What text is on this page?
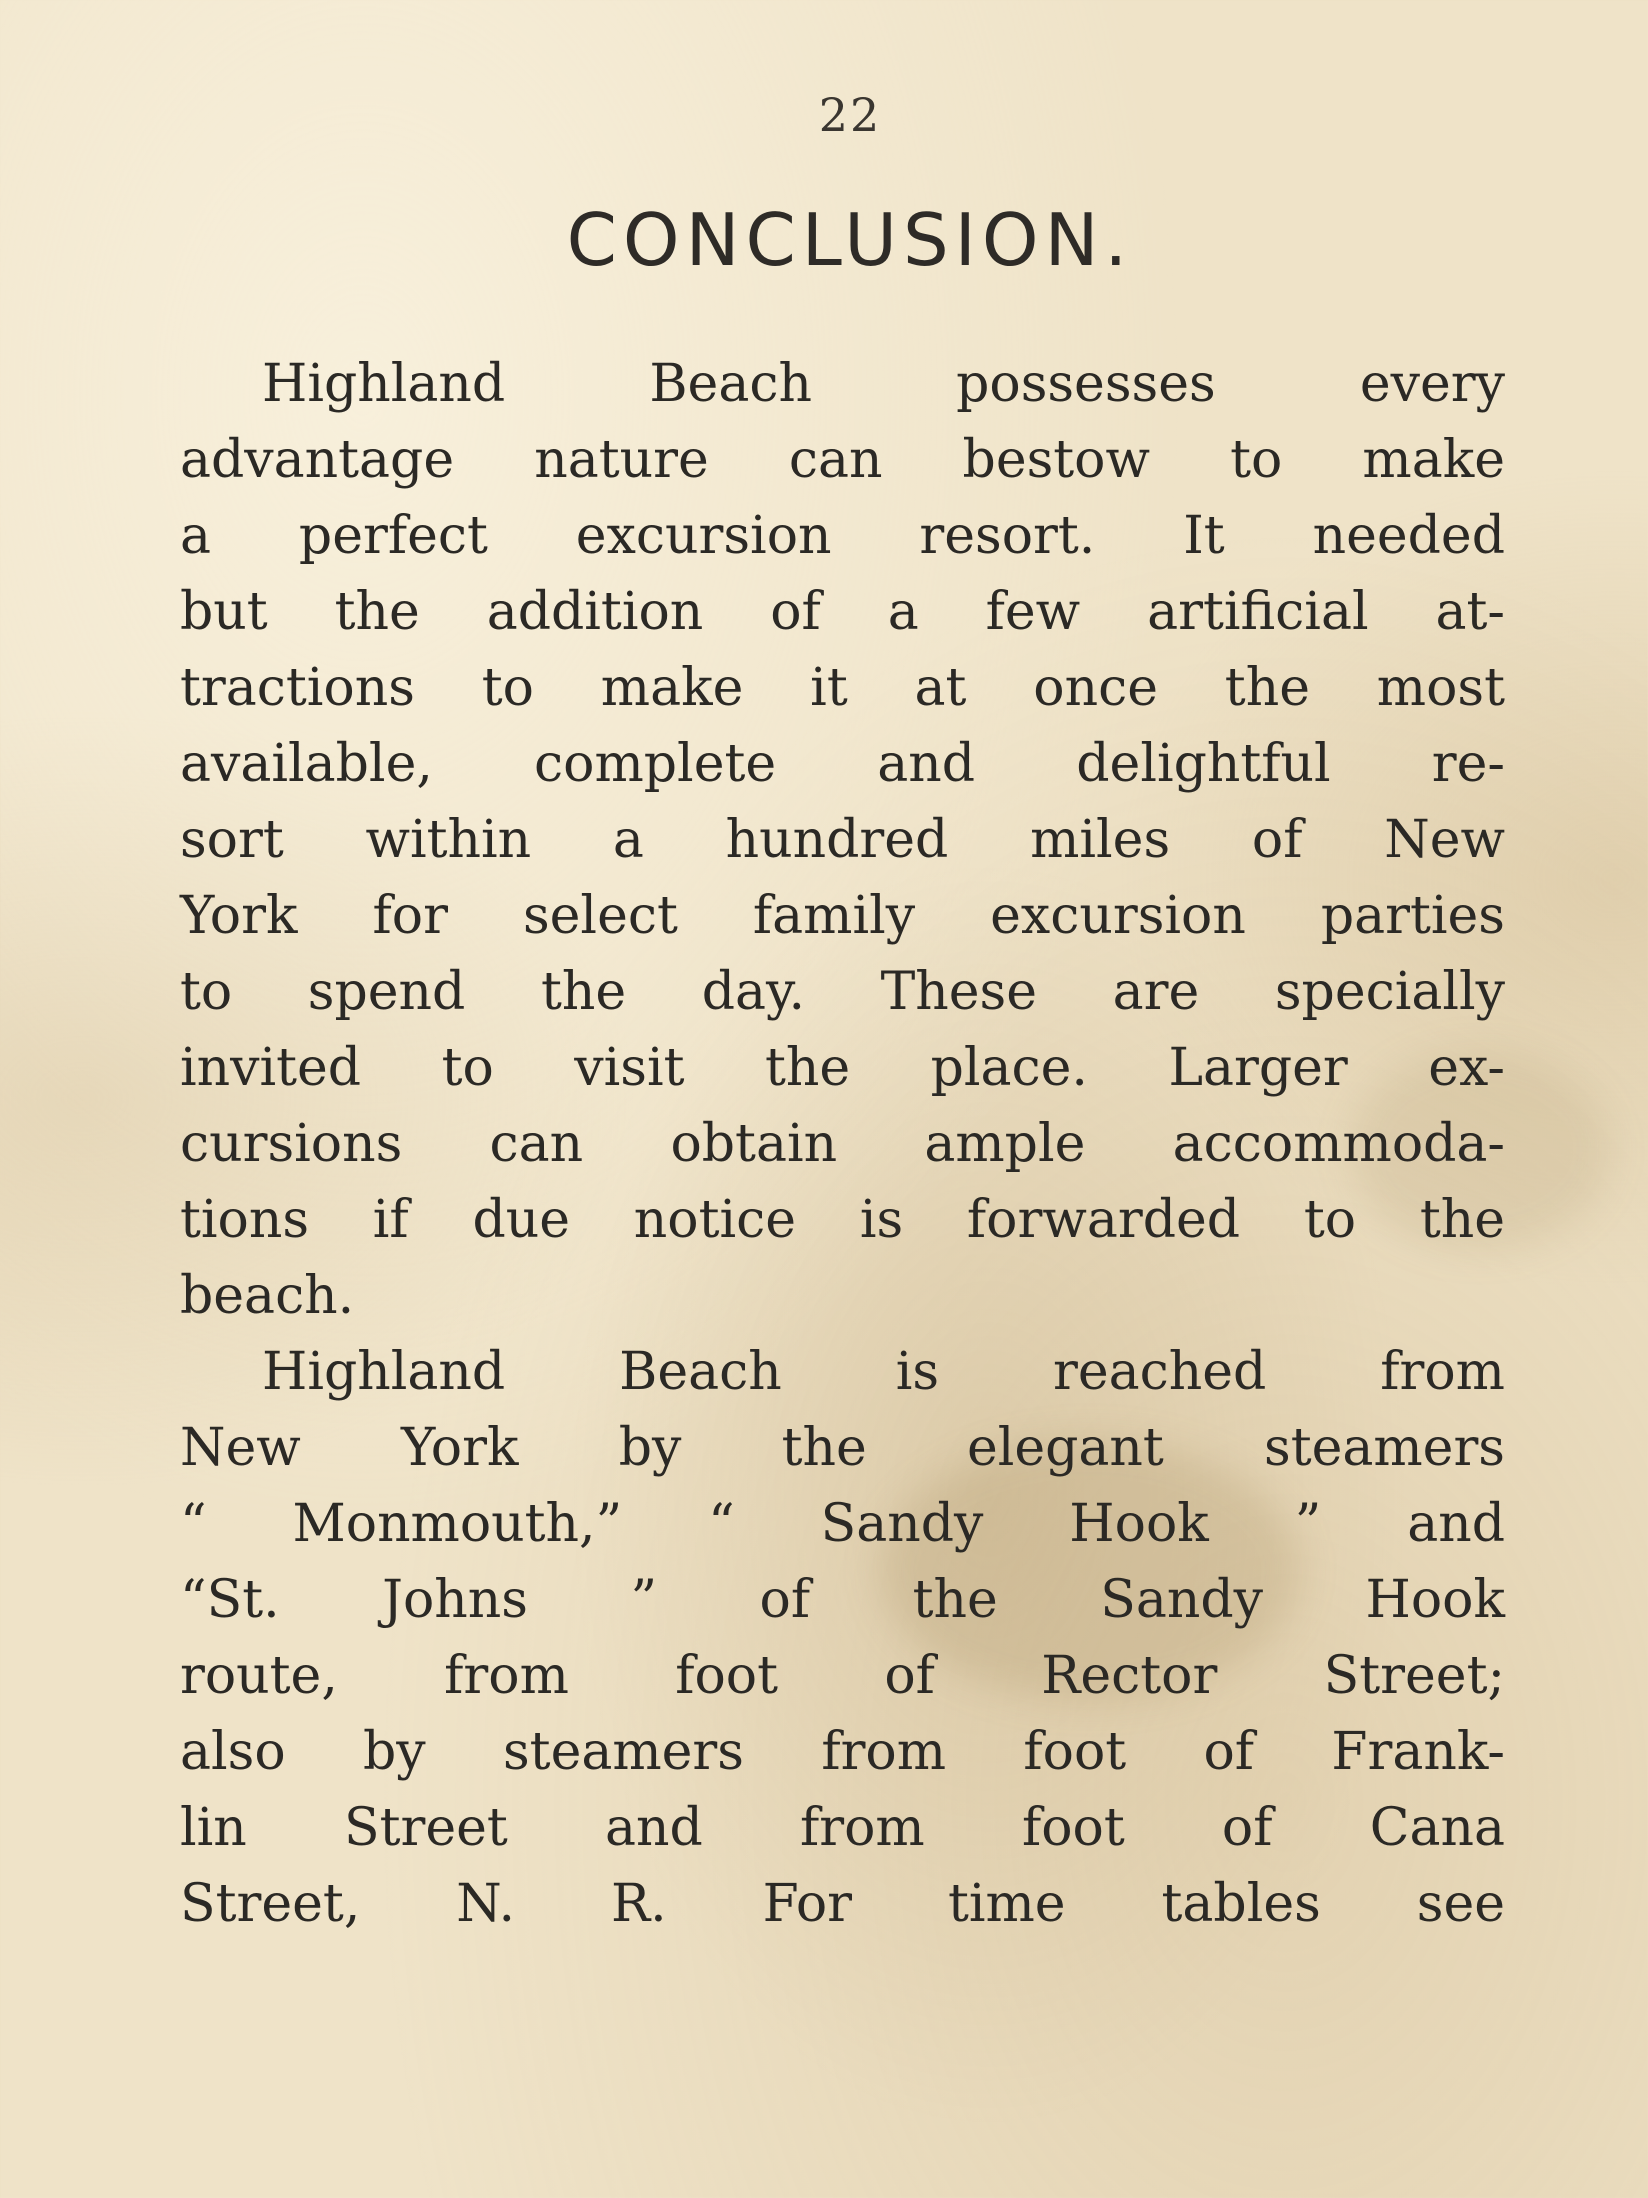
22
CONCLUSION.
Highland Beach possesses every
advantage nature can bestow to make
a perfect excursion resort. It needed
but the addition of a few artificial at-
tractions to make it at once the most
available, complete and delightful re-
sort within a hundred miles of New
York for select family excursion parties
to spend the day. These are specially
invited to visit the place. Larger ex-
cursions can obtain ample accommoda-
tions if due notice is forwarded to the
beach.
Highland Beach is reached from
New York by the elegant steamers
“ Monmouth,” “ Sandy Hook ” and
“St. Johns ” of the Sandy Hook
route, from foot of Rector Street;
also by steamers from foot of Frank-
lin Street and from foot of Cana
Street, N. R. For time tables see
